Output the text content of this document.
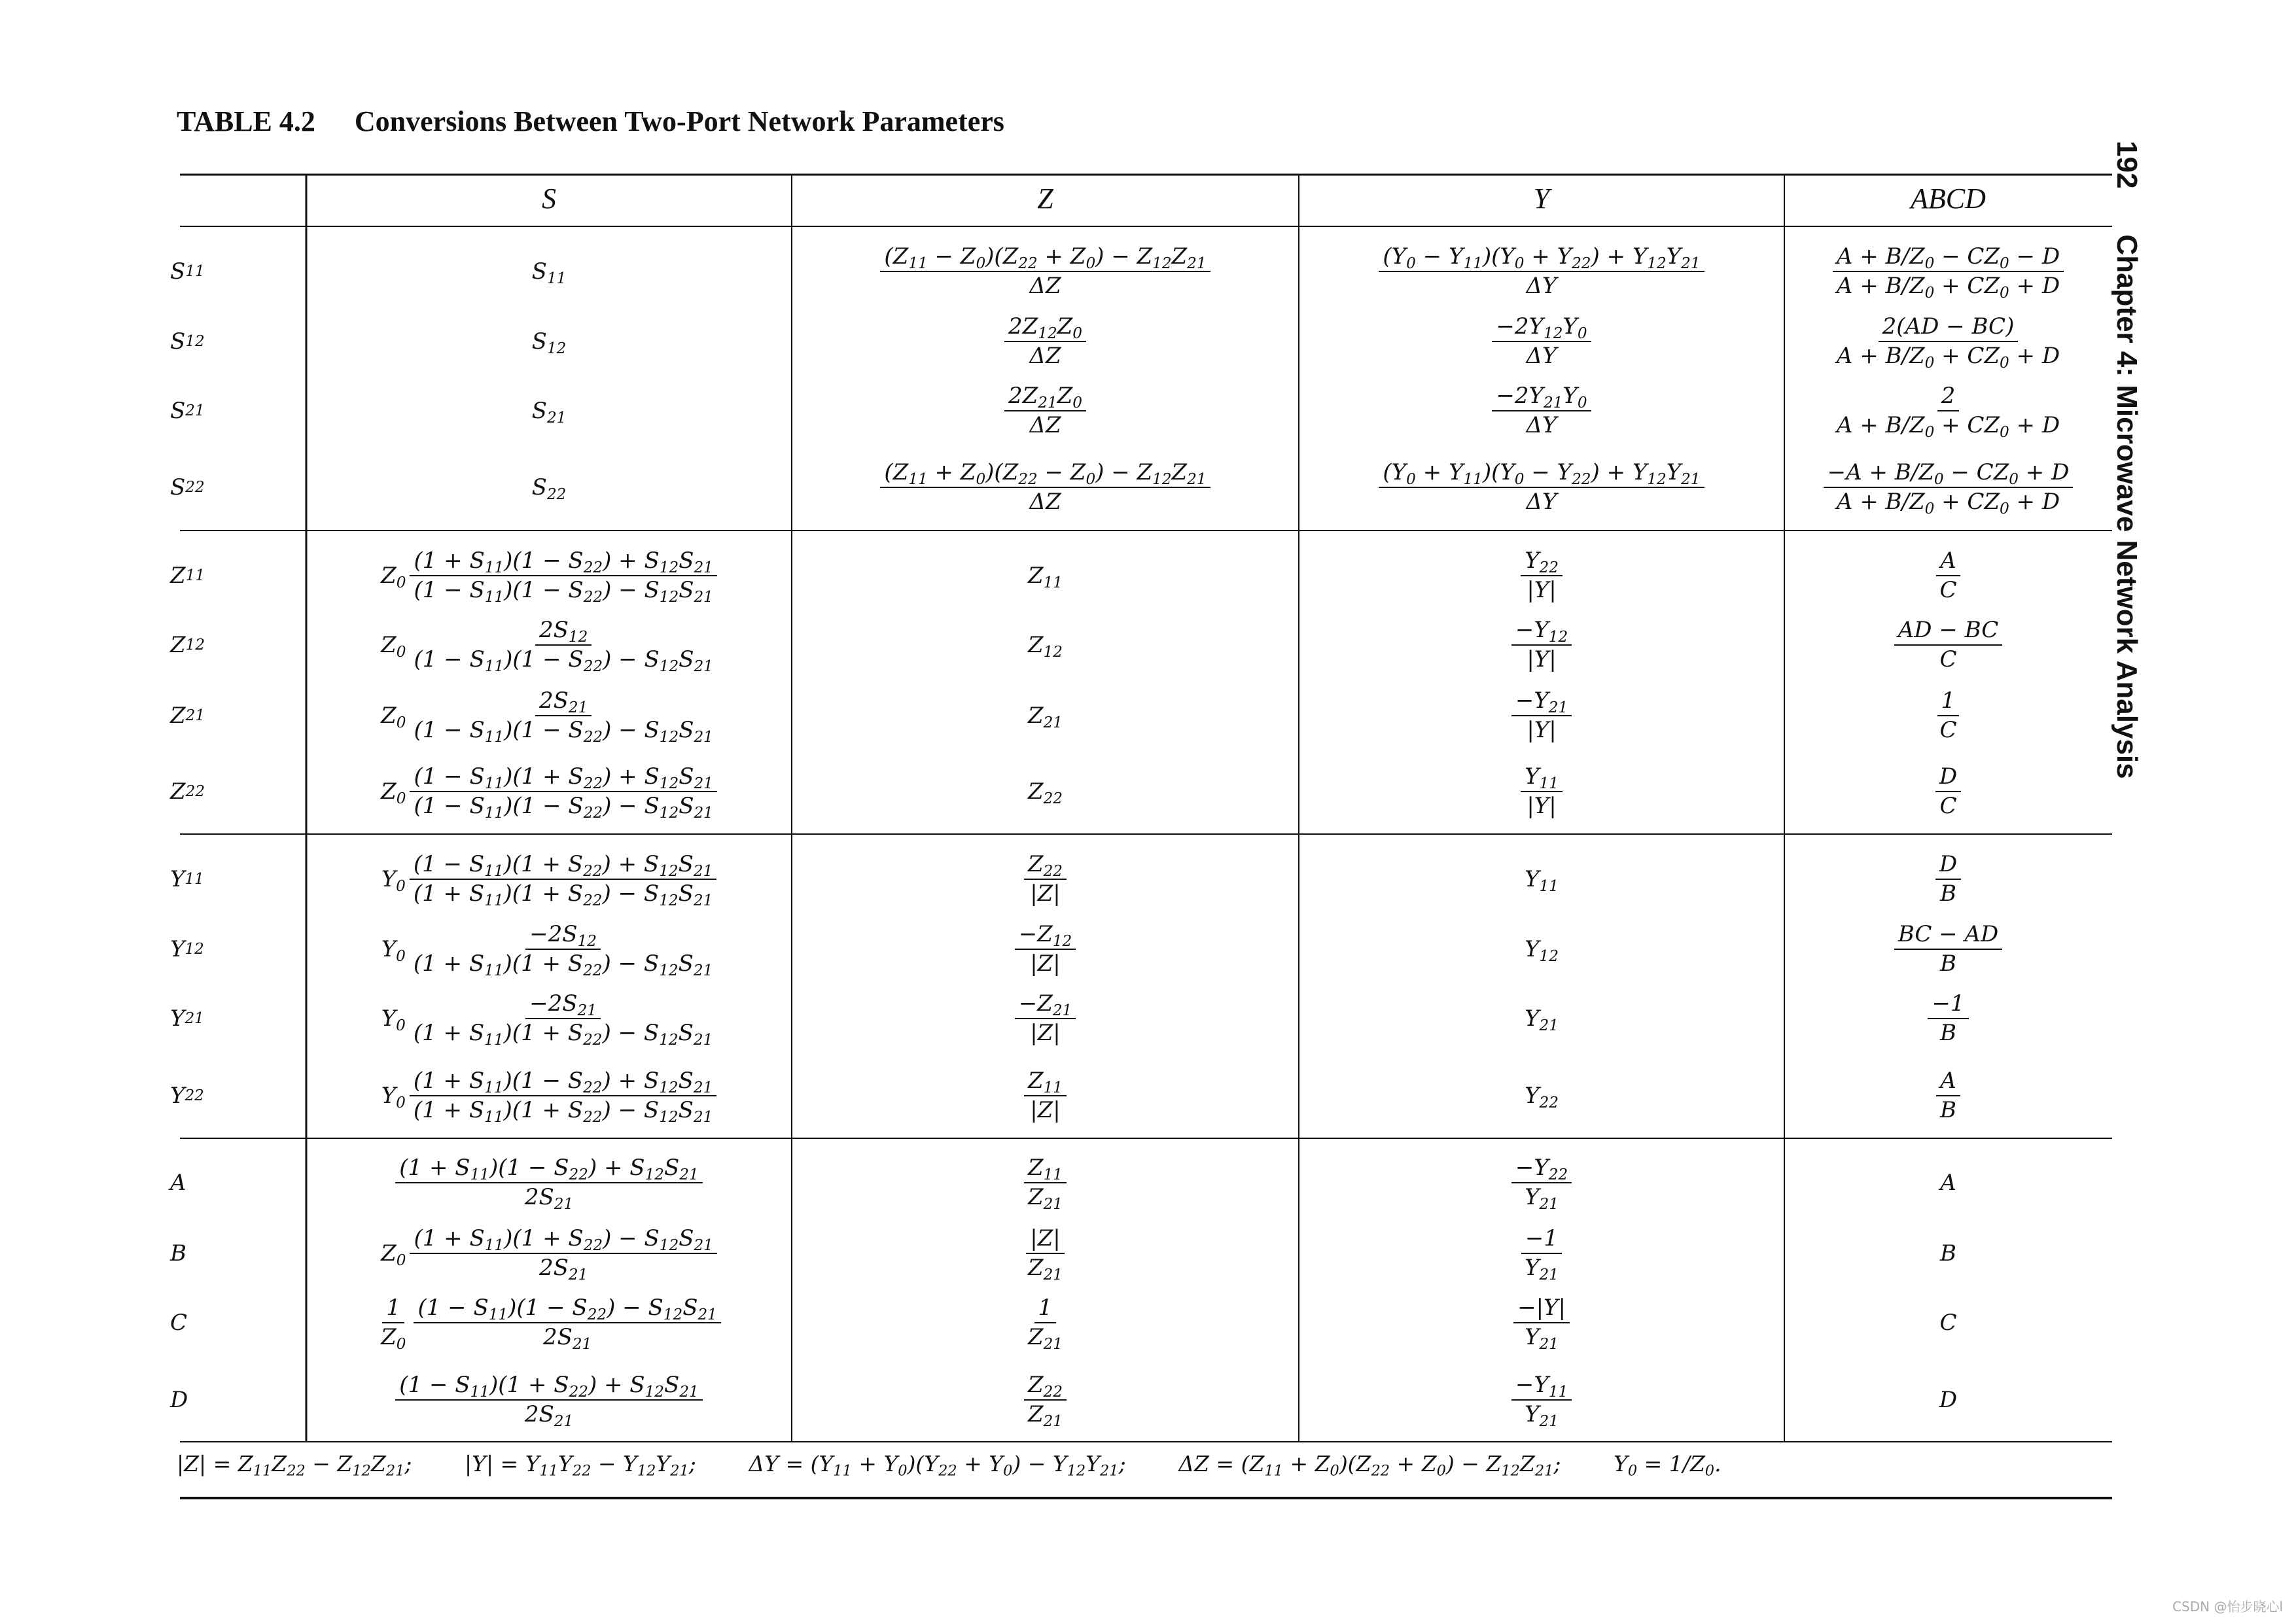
TABLE 4.2 Conversions Between Two-Port Network Parameters
192Chapter 4: Microwave Network Analysis
S	Z	Y	ABCD
S 11	$S_{11}$	$\frac{(Z_{11} - Z_0)(Z_{22} + Z_0) - Z_{12}Z_{21}}{\Delta Z}$	$\frac{(Y_0 - Y_{11})(Y_0 + Y_{22}) + Y_{12}Y_{21}}{\Delta Y}$	$\frac{A + B/Z_0 - CZ_0 - D}{A + B/Z_0 + CZ_0 + D}$
S 12	$S_{12}$	$\frac{2Z_{12}Z_0}{\Delta Z}$	$\frac{-2Y_{12}Y_0}{\Delta Y}$	$\frac{2(AD - BC)}{A + B/Z_0 + CZ_0 + D}$
S 21	$S_{21}$	$\frac{2Z_{21}Z_0}{\Delta Z}$	$\frac{-2Y_{21}Y_0}{\Delta Y}$	$\frac{2}{A + B/Z_0 + CZ_0 + D}$
S 22	$S_{22}$	$\frac{(Z_{11} + Z_0)(Z_{22} - Z_0) - Z_{12}Z_{21}}{\Delta Z}$	$\frac{(Y_0 + Y_{11})(Y_0 - Y_{22}) + Y_{12}Y_{21}}{\Delta Y}$	$\frac{-A + B/Z_0 - CZ_0 + D}{A + B/Z_0 + CZ_0 + D}$
Z 11	$Z_0 \frac{(1 + S_{11})(1 - S_{22}) + S_{12}S_{21}}{(1 - S_{11})(1 - S_{22}) - S_{12}S_{21}}$	$Z_{11}$	$\frac{Y_{22}}{|Y|}$	$\frac{A}{C}$
Z 12	$Z_0 \frac{2S_{12}}{(1 - S_{11})(1 - S_{22}) - S_{12}S_{21}}$	$Z_{12}$	$\frac{-Y_{12}}{|Y|}$	$\frac{AD - BC}{C}$
Z 21	$Z_0 \frac{2S_{21}}{(1 - S_{11})(1 - S_{22}) - S_{12}S_{21}}$	$Z_{21}$	$\frac{-Y_{21}}{|Y|}$	$\frac{1}{C}$
Z 22	$Z_0 \frac{(1 - S_{11})(1 + S_{22}) + S_{12}S_{21}}{(1 - S_{11})(1 - S_{22}) - S_{12}S_{21}}$	$Z_{22}$	$\frac{Y_{11}}{|Y|}$	$\frac{D}{C}$
Y 11	$Y_0 \frac{(1 - S_{11})(1 + S_{22}) + S_{12}S_{21}}{(1 + S_{11})(1 + S_{22}) - S_{12}S_{21}}$	$\frac{Z_{22}}{|Z|}$	$Y_{11}$	$\frac{D}{B}$
Y 12	$Y_0 \frac{-2S_{12}}{(1 + S_{11})(1 + S_{22}) - S_{12}S_{21}}$	$\frac{-Z_{12}}{|Z|}$	$Y_{12}$	$\frac{BC - AD}{B}$
Y 21	$Y_0 \frac{-2S_{21}}{(1 + S_{11})(1 + S_{22}) - S_{12}S_{21}}$	$\frac{-Z_{21}}{|Z|}$	$Y_{21}$	$\frac{-1}{B}$
Y 22	$Y_0 \frac{(1 + S_{11})(1 - S_{22}) + S_{12}S_{21}}{(1 + S_{11})(1 + S_{22}) - S_{12}S_{21}}$	$\frac{Z_{11}}{|Z|}$	$Y_{22}$	$\frac{A}{B}$
A	$\frac{(1 + S_{11})(1 - S_{22}) + S_{12}S_{21}}{2S_{21}}$	$\frac{Z_{11}}{Z_{21}}$	$\frac{-Y_{22}}{Y_{21}}$	A
B	$Z_0 \frac{(1 + S_{11})(1 + S_{22}) - S_{12}S_{21}}{2S_{21}}$	$\frac{|Z|}{Z_{21}}$	$\frac{-1}{Y_{21}}$	B
C	$\frac{1}{Z_0} \frac{(1 - S_{11})(1 - S_{22}) - S_{12}S_{21}}{2S_{21}}$	$\frac{1}{Z_{21}}$	$\frac{-|Y|}{Y_{21}}$	C
D	$\frac{(1 - S_{11})(1 + S_{22}) + S_{12}S_{21}}{2S_{21}}$	$\frac{Z_{22}}{Z_{21}}$	$\frac{-Y_{11}}{Y_{21}}$	D
$|Z| = Z_{11}Z_{22} - Z_{12}Z_{21}$; $|Y| = Y_{11}Y_{22} - Y_{12}Y_{21}$; $\Delta Y = (Y_{11} + Y_0)(Y_{22} + Y_0) - Y_{12}Y_{21}$; $\Delta Z = (Z_{11} + Z_0)(Z_{22} + Z_0) - Z_{12}Z_{21}$; $Y_0 = 1/Z_0$.
CSDN @怡步晓心l
